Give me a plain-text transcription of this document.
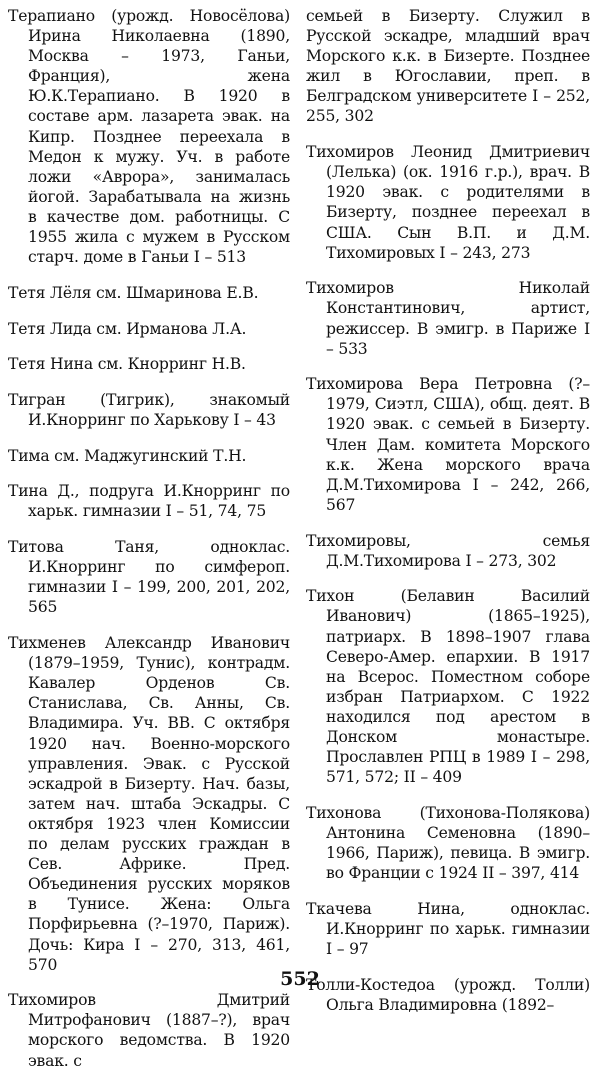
Терапиано (урожд. Новосёлова) Ирина Николаевна (1890, Москва – 1973, Ганьи, Франция), жена Ю.К.Терапиано. В 1920 в составе арм. лазарета эвак. на Кипр. Позднее переехала в Медон к мужу. Уч. в работе ложи «Аврора», занималась йогой. Зарабатывала на жизнь в качестве дом. работницы. С 1955 жила с мужем в Русском старч. доме в Ганьи I – 513

Тетя Лёля см. Шмаринова Е.В.

Тетя Лида см. Ирманова Л.А.

Тетя Нина см. Кнорринг Н.В.

Тигран (Тигрик), знакомый И.Кнорринг по Харькову I – 43

Тима см. Маджугинский Т.Н.

Тина Д., подруга И.Кнорринг по харьк. гимназии I – 51, 74, 75

Титова Таня, одноклас. И.Кнорринг по симфероп. гимназии I – 199, 200, 201, 202, 565

Тихменев Александр Иванович (1879–1959, Тунис), контрадм. Кавалер Орденов Св. Станислава, Св. Анны, Св. Владимира. Уч. ВВ. С октября 1920 нач. Военно-морского управления. Эвак. с Русской эскадрой в Бизерту. Нач. базы, затем нач. штаба Эскадры. С октября 1923 член Комиссии по делам русских граждан в Сев. Африке. Пред. Объединения русских моряков в Тунисе. Жена: Ольга Порфирьевна (?–1970, Париж). Дочь: Кира I – 270, 313, 461, 570

Тихомиров Дмитрий Митрофанович (1887–?), врач морского ведомства. В 1920 эвак. с

семьей в Бизерту. Служил в Русской эскадре, младший врач Морского к.к. в Бизерте. Позднее жил в Югославии, преп. в Белградском университете I – 252, 255, 302

Тихомиров Леонид Дмитриевич (Лелька) (ок. 1916 г.р.), врач. В 1920 эвак. с родителями в Бизерту, позднее переехал в США. Сын В.П. и Д.М. Тихомировых I – 243, 273

Тихомиров Николай Константинович, артист, режиссер. В эмигр. в Париже I – 533

Тихомирова Вера Петровна (?–1979, Сиэтл, США), общ. деят. В 1920 эвак. с семьей в Бизерту. Член Дам. комитета Морского к.к. Жена морского врача Д.М.Тихомирова I – 242, 266, 567

Тихомировы, семья Д.М.Тихомирова I – 273, 302

Тихон (Белавин Василий Иванович) (1865–1925), патриарх. В 1898–1907 глава Северо-Амер. епархии. В 1917 на Всерос. Поместном соборе избран Патриархом. С 1922 находился под арестом в Донском монастыре. Прославлен РПЦ в 1989 I – 298, 571, 572; II – 409

Тихонова (Тихонова-Полякова) Антонина Семеновна (1890–1966, Париж), певица. В эмигр. во Франции с 1924 II – 397, 414

Ткачева Нина, одноклас. И.Кнорринг по харьк. гимназии I – 97

Толли-Костедоа (урожд. Толли) Ольга Владимировна (1892–

552
